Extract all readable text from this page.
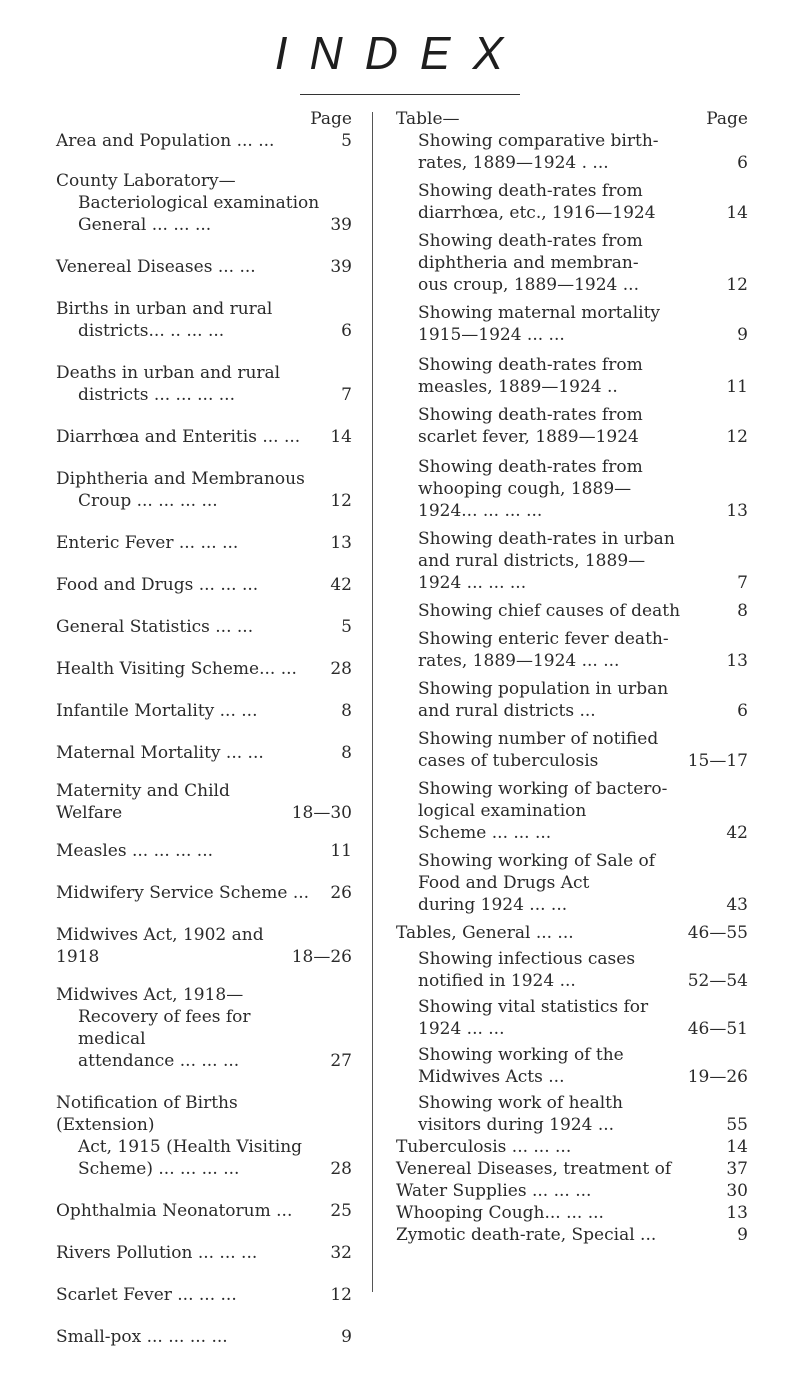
INDEX
Page
Area and Population ... ...	5
County Laboratory—
Bacteriological examination
General ... ... ...	39
Venereal Diseases ... ...	39
Births in urban and rural
districts... .. ... ...	6
Deaths in urban and rural
districts ... ... ... ...	7
Diarrhœa and Enteritis ... ...	14
Diphtheria and Membranous
Croup ... ... ... ...	12
Enteric Fever ... ... ...	13
Food and Drugs ... ... ...	42
General Statistics ... ...	5
Health Visiting Scheme... ...	28
Infantile Mortality ... ...	8
Maternal Mortality ... ...	8
Maternity and Child Welfare	18—30
Measles ... ... ... ...	11
Midwifery Service Scheme ...	26
Midwives Act, 1902 and 1918	18—26
Midwives Act, 1918—
Recovery of fees for medical
attendance ... ... ...	27
Notification of Births (Extension)
Act, 1915 (Health Visiting
Scheme) ... ... ... ...	28
Ophthalmia Neonatorum ...	25
Rivers Pollution ... ... ...	32
Scarlet Fever ... ... ...	12
Small-pox ... ... ... ...	9
Table—	Page
Showing comparative birth-
rates, 1889—1924 . ...	6
Showing death-rates from
diarrhœa, etc., 1916—1924	14
Showing death-rates from
diphtheria and membran-
ous croup, 1889—1924 ...	12
Showing maternal mortality
1915—1924 ... ...	9
Showing death-rates from
measles, 1889—1924 ..	11
Showing death-rates from
scarlet fever, 1889—1924	12
Showing death-rates from
whooping cough, 1889—
1924... ... ... ...	13
Showing death-rates in urban
and rural districts, 1889—
1924 ... ... ...	7
Showing chief causes of death	8
Showing enteric fever death-
rates, 1889—1924 ... ...	13
Showing population in urban
and rural districts ...	6
Showing number of notified
cases of tuberculosis	15—17
Showing working of bactero-
logical examination
Scheme ... ... ...	42
Showing working of Sale of
Food and Drugs Act
during 1924 ... ...	43
Tables, General ... ...	46—55
Showing infectious cases
notified in 1924 ...	52—54
Showing vital statistics for
1924 ... ...	46—51
Showing working of the
Midwives Acts ...	19—26
Showing work of health
visitors during 1924 ...	55
Tuberculosis ... ... ...	14
Venereal Diseases, treatment of	37
Water Supplies ... ... ...	30
Whooping Cough... ... ...	13
Zymotic death-rate, Special ...	9
